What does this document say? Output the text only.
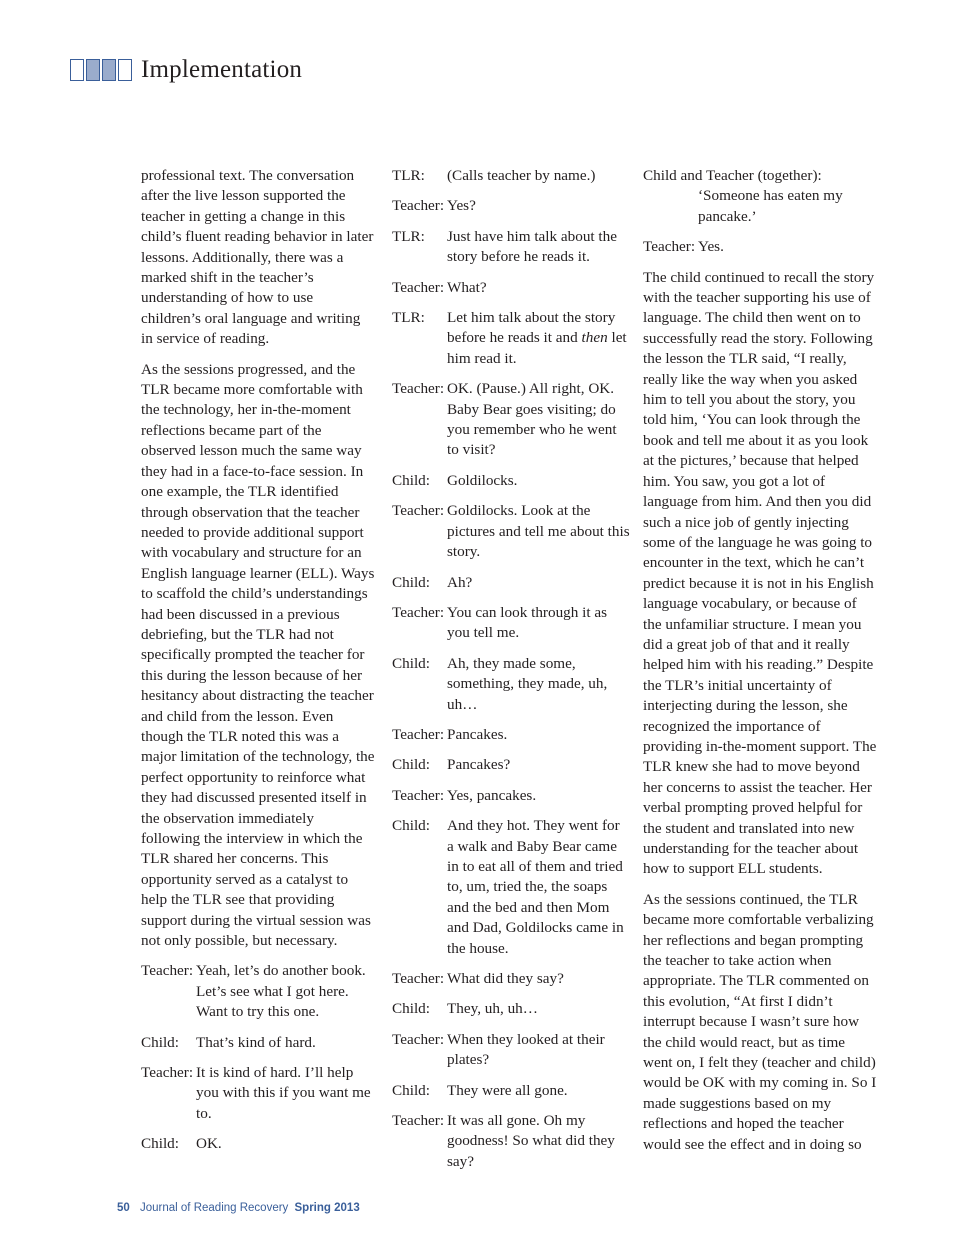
Implementation

professional text. The conversation after the live lesson supported the teacher in getting a change in this child’s fluent reading behavior in later lessons. Additionally, there was a marked shift in the teacher’s understanding of how to use children’s oral language and writing in service of reading.

As the sessions progressed, and the TLR became more comfortable with the technology, her in-the-moment reflections became part of the observed lesson much the same way they had in a face-to-face session. In one example, the TLR identified through observation that the teacher needed to provide additional support with vocabulary and structure for an English language learner (ELL). Ways to scaffold the child’s understandings had been discussed in a previous debriefing, but the TLR had not specifically prompted the teacher for this during the lesson because of her hesitancy about distracting the teacher and child from the lesson. Even though the TLR noted this was a major limitation of the technology, the perfect opportunity to reinforce what they had discussed presented itself in the observation immediately following the interview in which the TLR shared her concerns. This opportunity served as a catalyst to help the TLR see that providing support during the virtual session was not only possible, but necessary.

Teacher: Yeah, let’s do another book. Let’s see what I got here. Want to try this one.
Child:	That’s kind of hard.
Teacher: It is kind of hard. I’ll help you with this if you want me to.
Child:	OK.
TLR:	(Calls teacher by name.)
Teacher: Yes?
TLR:	Just have him talk about the story before he reads it.
Teacher: What?
TLR:	Let him talk about the story before he reads it and then let him read it.
Teacher: OK. (Pause.) All right, OK. Baby Bear goes visiting; do you remember who he went to visit?
Child:	Goldilocks.
Teacher: Goldilocks. Look at the pictures and tell me about this story.
Child:	Ah?
Teacher: You can look through it as you tell me.
Child:	Ah, they made some, something, they made, uh, uh…
Teacher: Pancakes.
Child:	Pancakes?
Teacher: Yes, pancakes.
Child:	And they hot. They went for a walk and Baby Bear came in to eat all of them and tried to, um, tried the, the soaps and the bed and then Mom and Dad, Goldilocks came in the house.
Teacher: What did they say?
Child:	They, uh, uh…
Teacher: When they looked at their plates?
Child:	They were all gone.
Teacher: It was all gone. Oh my goodness! So what did they say?
Child and Teacher (together):
‘Someone has eaten my pancake.’
Teacher: Yes.

The child continued to recall the story with the teacher supporting his use of language. The child then went on to successfully read the story. Following the lesson the TLR said, “I really, really like the way when you asked him to tell you about the story, you told him, ‘You can look through the book and tell me about it as you look at the pictures,’ because that helped him. You saw, you got a lot of language from him. And then you did such a nice job of gently injecting some of the language he was going to encounter in the text, which he can’t predict because it is not in his English language vocabulary, or because of the unfamiliar structure. I mean you did a great job of that and it really helped him with his reading.” Despite the TLR’s initial uncertainty of interjecting during the lesson, she recognized the importance of providing in-the-moment support. The TLR knew she had to move beyond her concerns to assist the teacher. Her verbal prompting proved helpful for the student and translated into new understanding for the teacher about how to support ELL students.

As the sessions continued, the TLR became more comfortable verbalizing her reflections and began prompting the teacher to take action when appropriate. The TLR commented on this evolution, “At first I didn’t interrupt because I wasn’t sure how the child would react, but as time went on, I felt they (teacher and child) would be OK with my coming in. So I made suggestions based on my reflections and hoped the teacher would see the effect and in doing so

50 Journal of Reading Recovery Spring 2013
